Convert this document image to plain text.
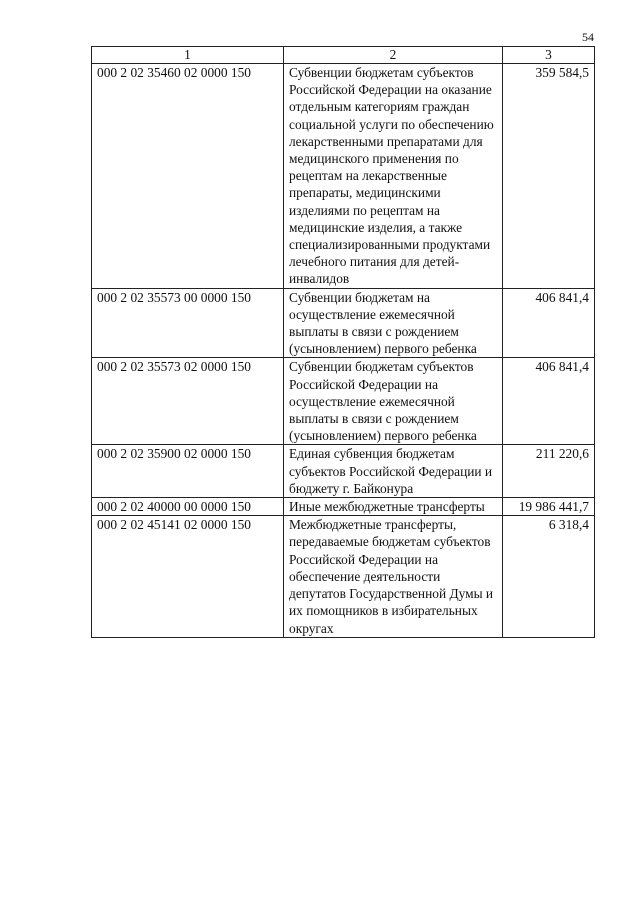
54
1	2	3
000 2 02 35460 02 0000 150	Субвенции бюджетам субъектов Российской Федерации на оказание отдельным категориям граждан социальной услуги по обеспечению лекарственными препаратами для медицинского применения по рецептам на лекарственные препараты, медицинскими изделиями по рецептам на медицинские изделия, а также специализированными продуктами лечебного питания для детей-инвалидов	359 584,5
000 2 02 35573 00 0000 150	Субвенции бюджетам на осуществление ежемесячной выплаты в связи с рождением (усыновлением) первого ребенка	406 841,4
000 2 02 35573 02 0000 150	Субвенции бюджетам субъектов Российской Федерации на осуществление ежемесячной выплаты в связи с рождением (усыновлением) первого ребенка	406 841,4
000 2 02 35900 02 0000 150	Единая субвенция бюджетам субъектов Российской Федерации и бюджету г. Байконура	211 220,6
000 2 02 40000 00 0000 150	Иные межбюджетные трансферты	19 986 441,7
000 2 02 45141 02 0000 150	Межбюджетные трансферты, передаваемые бюджетам субъектов Российской Федерации на обеспечение деятельности депутатов Государственной Думы и их помощников в избирательных округах	6 318,4
